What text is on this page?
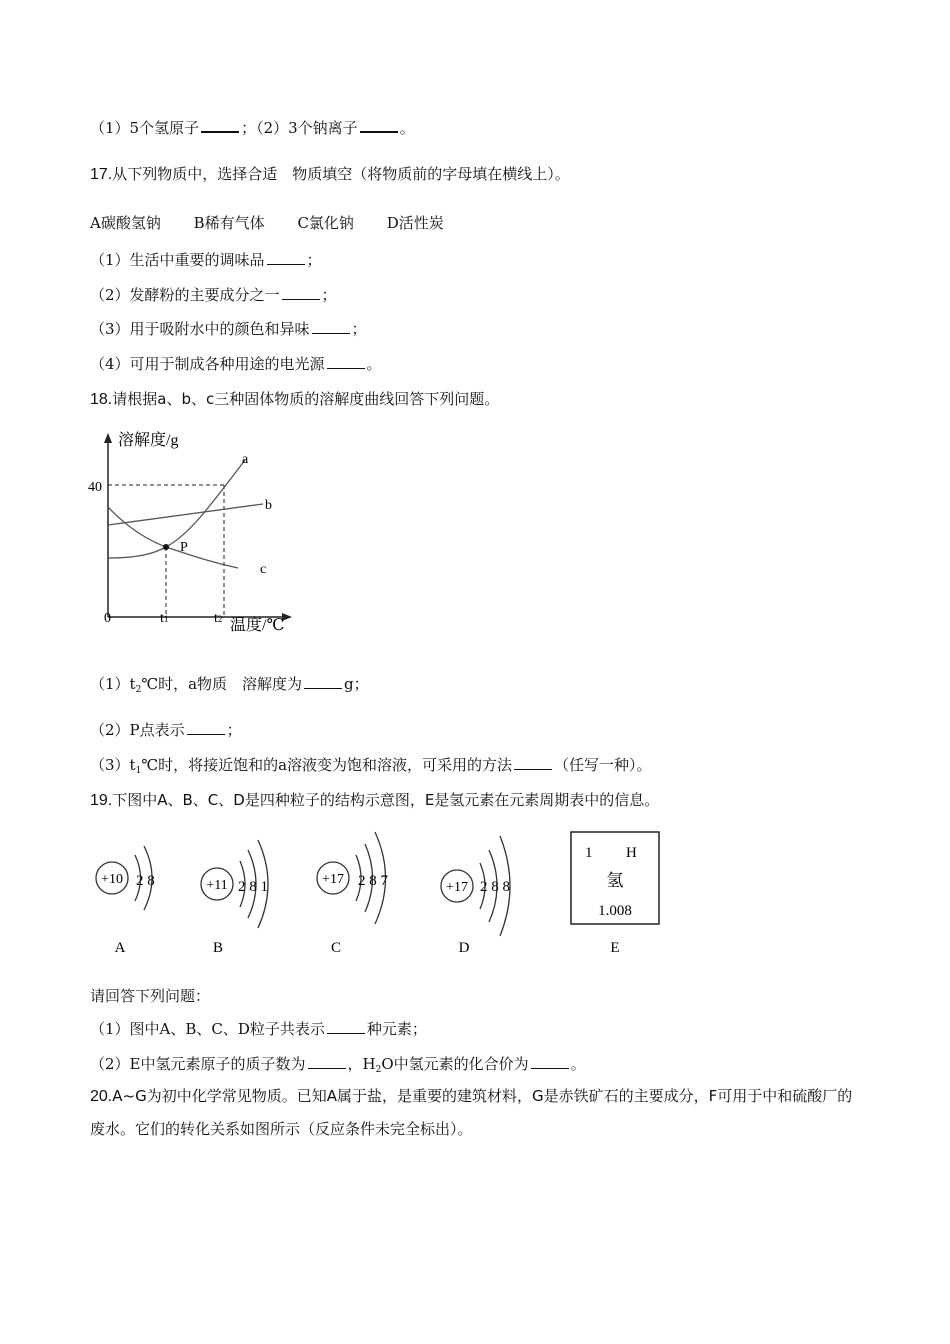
（1）5个氢原子	；（2）3个钠离子	。
17.从下列物质中，选择合适　物质填空（将物质前的字母填在横线上）。
A碳酸氢钠 B稀有气体 C氯化钠 D活性炭
（1）生活中重要的调味品	；
（2）发酵粉的主要成分之一	；
（3）用于吸附水中的颜色和异味	；
（4）可用于制成各种用途的电光源	。
18.请根据a、b、c三种固体物质的溶解度曲线回答下列问题。
溶解度/g
温度/℃
40
0
P
a
b
c
t1	t2
$(1)t_2℃$时，a物质　溶解度为	g；
（2）P点表示	；
$(3)t_1℃$时，将接近饱和的a溶液变为饱和溶液，可采用的方法	（任写一种）。
19.下图中A、B、C、D是四种粒子的结构示意图，E是氢元素在元素周期表中的信息。
+10 2 8
A
+11 2 8 1
B
+17 2 8 7
C
+17 2 8 8
D
1 H
氢
1.008
E
请回答下列问题：
（1）图中A、B、C、D粒子共表示	种元素；
（2）E中氢元素原子的质子数为	，$H_2O$中氢元素的化合价为	。
20.A~G为初中化学常见物质。已知A属于盐，是重要的建筑材料，G是赤铁矿石的主要成分，F可用于中和硫酸厂的废水。它们的转化关系如图所示（反应条件未完全标出）。
